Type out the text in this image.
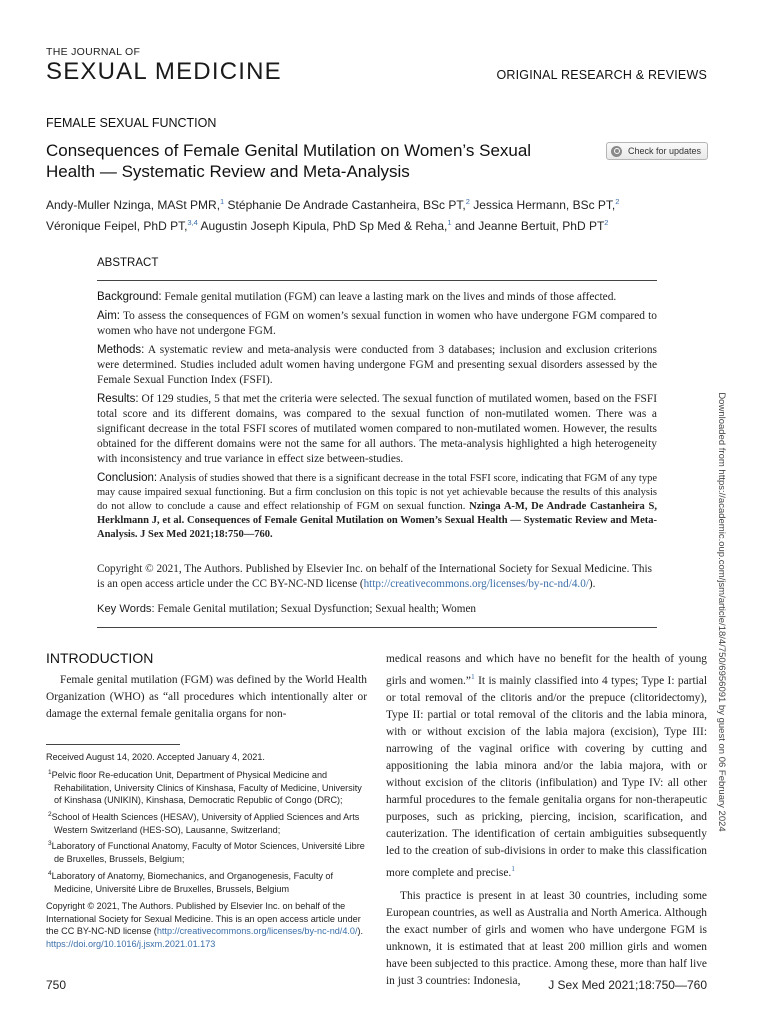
THE JOURNAL OF
SEXUAL MEDICINE	ORIGINAL RESEARCH & REVIEWS
FEMALE SEXUAL FUNCTION
Consequences of Female Genital Mutilation on Women’s Sexual Health — Systematic Review and Meta-Analysis
Check for updates
Andy-Muller Nzinga, MASt PMR,$^1$ Stéphanie De Andrade Castanheira, BSc PT,$^2$ Jessica Hermann, BSc PT,$^2$
Véronique Feipel, PhD PT,$^{3,4}$ Augustin Joseph Kipula, PhD Sp Med & Reha,$^1$ and Jeanne Bertuit, PhD $PT^2$
ABSTRACT

Background: Female genital mutilation (FGM) can leave a lasting mark on the lives and minds of those affected.

Aim: To assess the consequences of FGM on women’s sexual function in women who have undergone FGM compared to women who have not undergone FGM.

Methods: A systematic review and meta-analysis were conducted from 3 databases; inclusion and exclusion criterions were determined. Studies included adult women having undergone FGM and presenting sexual disorders assessed by the Female Sexual Function Index (FSFI).

Results: Of 129 studies, 5 that met the criteria were selected. The sexual function of mutilated women, based on the FSFI total score and its different domains, was compared to the sexual function of non-mutilated women. There was a significant decrease in the total FSFI scores of mutilated women compared to non-mutilated women. However, the results obtained for the different domains were not the same for all authors. The meta-analysis highlighted a high heterogeneity with inconsistency and true variance in effect size between-studies.

Conclusion: Analysis of studies showed that there is a significant decrease in the total FSFI score, indicating that FGM of any type may cause impaired sexual functioning. But a firm conclusion on this topic is not yet achievable because the results of this analysis do not allow to conclude a cause and effect relationship of FGM on sexual function. Nzinga A-M, De Andrade Castanheira S, Herklmann J, et al. Consequences of Female Genital Mutilation on Women’s Sexual Health — Systematic Review and Meta-Analysis. J Sex Med 2021;18:750—760.

Copyright © 2021, The Authors. Published by Elsevier Inc. on behalf of the International Society for Sexual Medicine. This is an open access article under the CC BY-NC-ND license (http://creativecommons.org/licenses/by-nc-nd/4.0/).
Key Words: Female Genital mutilation; Sexual Dysfunction; Sexual health; Women	Downloaded from https://academic.oup.com/jsm/article/18/4/750/6956091 by guest on 06 February 2024
INTRODUCTION

Female genital mutilation (FGM) was defined by the World Health Organization (WHO) as “all procedures which intentionally alter or damage the external female genitalia organs for non-

medical reasons and which have no benefit for the health of young girls and women.”$^1$ It is mainly classified into 4 types; Type I: partial or total removal of the clitoris and/or the prepuce (clitoridectomy), Type II: partial or total removal of the clitoris and the labia minora, with or without excision of the labia majora (excision), Type III: narrowing of the vaginal orifice with covering by cutting and appositioning the labia minora and/or the labia majora, with or without excision of the clitoris (infibulation) and Type IV: all other harmful procedures to the female genitalia organs for non-therapeutic purposes, such as pricking, piercing, incision, scarification, and cauterization. The identification of certain ambiguities subsequently led to the creation of sub-divisions in order to make this classification more complete and precise.$^1$

This practice is present in at least 30 countries, including some European countries, as well as Australia and North America. Although the exact number of girls and women who have undergone FGM is unknown, it is estimated that at least 200 million girls and women have been subjected to this practice. Among these, more than half live in just 3 countries: Indonesia,

Received August 14, 2020. Accepted January 4, 2021.
$^1$Pelvic floor Re-education Unit, Department of Physical Medicine and Rehabilitation, University Clinics of Kinshasa, Faculty of Medicine, University of Kinshasa (UNIKIN), Kinshasa, Democratic Republic of Congo (DRC);
$^2$School of Health Sciences (HESAV), University of Applied Sciences and Arts Western Switzerland (HES-SO), Lausanne, Switzerland;
$^3$Laboratory of Functional Anatomy, Faculty of Motor Sciences, Université Libre de Bruxelles, Brussels, Belgium;
$^4$Laboratory of Anatomy, Biomechanics, and Organogenesis, Faculty of Medicine, Université Libre de Bruxelles, Brussels, Belgium
Copyright © 2021, The Authors. Published by Elsevier Inc. on behalf of the International Society for Sexual Medicine. This is an open access article under the CC BY-NC-ND license (http://creativecommons.org/licenses/by-nc-nd/4.0/).
https://doi.org/10.1016/j.jsxm.2021.01.173
750	J Sex Med 2021;18:750—760
